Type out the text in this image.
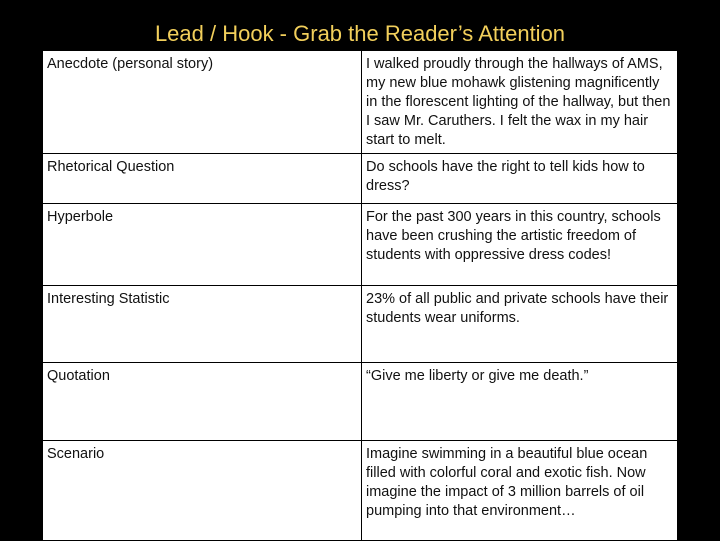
Lead / Hook - Grab the Reader’s Attention
Anecdote (personal story)	I walked proudly through the hallways of AMS, my new blue mohawk glistening magnificently in the florescent lighting of the hallway, but then I saw Mr. Caruthers. I felt the wax in my hair start to melt.
Rhetorical Question	Do schools have the right to tell kids how to dress?
Hyperbole	For the past 300 years in this country, schools have been crushing the artistic freedom of students with oppressive dress codes!
Interesting Statistic	23% of all public and private schools have their students wear uniforms.
Quotation	“Give me liberty or give me death.”
Scenario	Imagine swimming in a beautiful blue ocean filled with colorful coral and exotic fish. Now imagine the impact of 3 million barrels of oil pumping into that environment…
